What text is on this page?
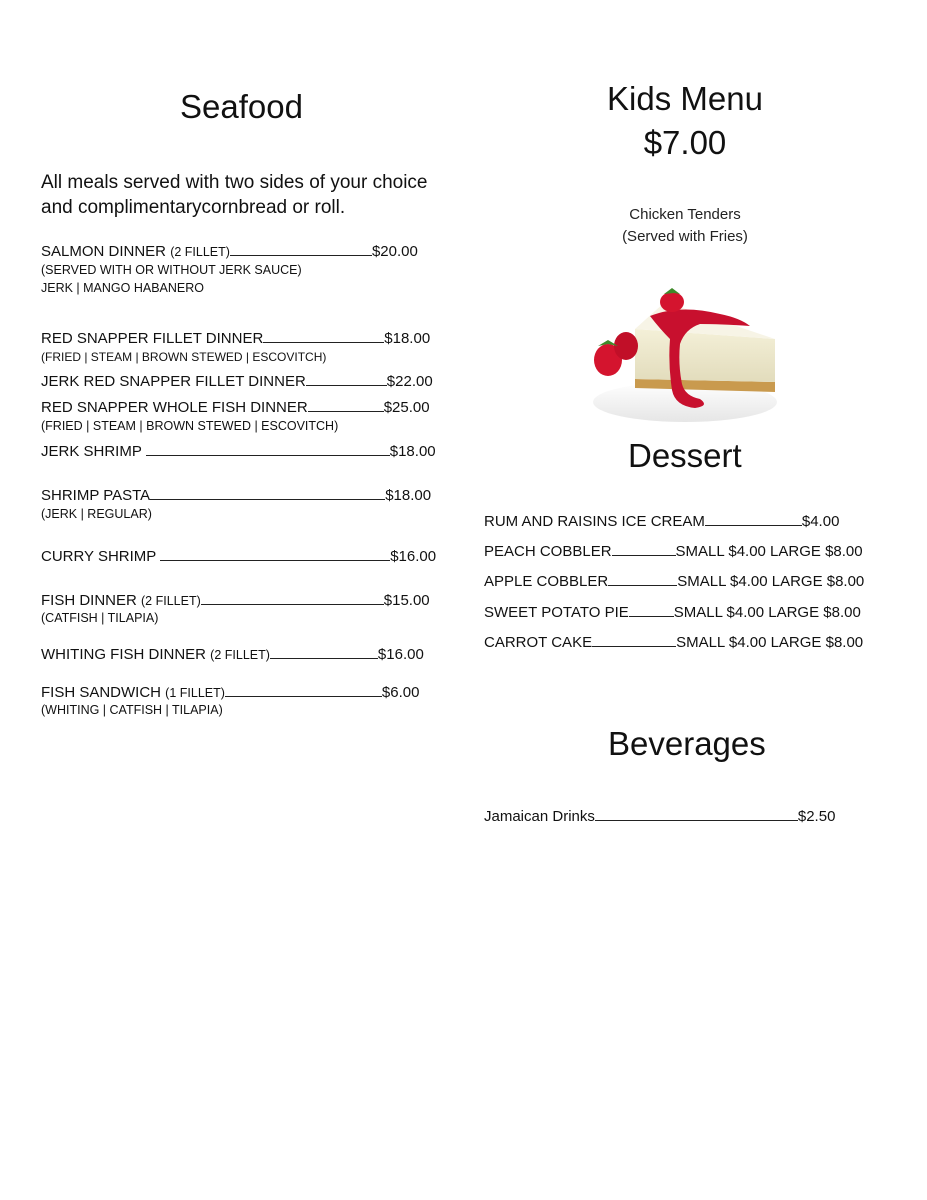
Seafood
All meals served with two sides of your choice
and complimentarycornbread or roll.
SALMON DINNER (2 FILLET)	$20.00
(SERVED WITH OR WITHOUT JERK SAUCE)
JERK | MANGO HABANERO
RED SNAPPER FILLET DINNER	$18.00
(FRIED | STEAM | BROWN STEWED | ESCOVITCH)
JERK RED SNAPPER FILLET DINNER	$22.00
RED SNAPPER WHOLE FISH DINNER	$25.00
(FRIED | STEAM | BROWN STEWED | ESCOVITCH)
JERK SHRIMP	$18.00
SHRIMP PASTA	$18.00
(JERK | REGULAR)
CURRY SHRIMP	$16.00
FISH DINNER (2 FILLET)	$15.00
(CATFISH | TILAPIA)
WHITING FISH DINNER (2 FILLET)	$16.00
FISH SANDWICH (1 FILLET)	$6.00
(WHITING | CATFISH | TILAPIA)
Kids Menu
$7.00
Chicken Tenders
(Served with Fries)
Dessert
RUM AND RAISINS ICE CREAM	$4.00
PEACH COBBLER	SMALL $4.00 LARGE $8.00
APPLE COBBLER	SMALL $4.00 LARGE $8.00
SWEET POTATO PIE	SMALL $4.00 LARGE $8.00
CARROT CAKE	SMALL $4.00 LARGE $8.00
Beverages
Jamaican Drinks	$2.50
